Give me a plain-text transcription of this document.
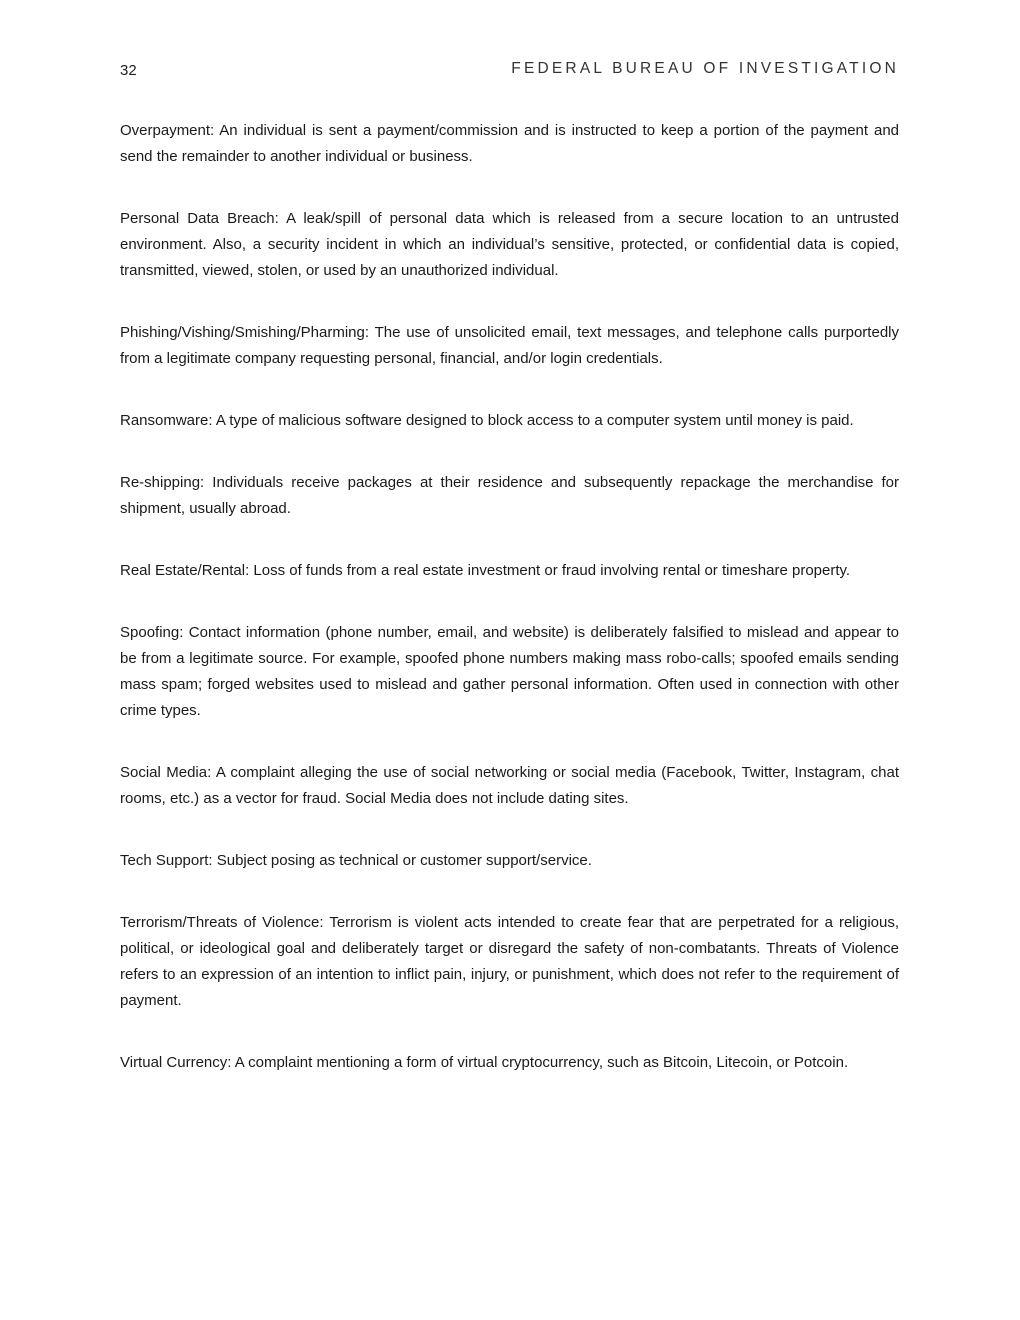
32	FEDERAL BUREAU OF INVESTIGATION

Overpayment: An individual is sent a payment/commission and is instructed to keep a portion of the payment and send the remainder to another individual or business.

Personal Data Breach: A leak/spill of personal data which is released from a secure location to an untrusted environment. Also, a security incident in which an individual’s sensitive, protected, or confidential data is copied, transmitted, viewed, stolen, or used by an unauthorized individual.

Phishing/Vishing/Smishing/Pharming: The use of unsolicited email, text messages, and telephone calls purportedly from a legitimate company requesting personal, financial, and/or login credentials.

Ransomware: A type of malicious software designed to block access to a computer system until money is paid.

Re-shipping: Individuals receive packages at their residence and subsequently repackage the merchandise for shipment, usually abroad.

Real Estate/Rental: Loss of funds from a real estate investment or fraud involving rental or timeshare property.

Spoofing: Contact information (phone number, email, and website) is deliberately falsified to mislead and appear to be from a legitimate source. For example, spoofed phone numbers making mass robo-calls; spoofed emails sending mass spam; forged websites used to mislead and gather personal information. Often used in connection with other crime types.

Social Media: A complaint alleging the use of social networking or social media (Facebook, Twitter, Instagram, chat rooms, etc.) as a vector for fraud. Social Media does not include dating sites.

Tech Support: Subject posing as technical or customer support/service.

Terrorism/Threats of Violence: Terrorism is violent acts intended to create fear that are perpetrated for a religious, political, or ideological goal and deliberately target or disregard the safety of non-combatants. Threats of Violence refers to an expression of an intention to inflict pain, injury, or punishment, which does not refer to the requirement of payment.

Virtual Currency: A complaint mentioning a form of virtual cryptocurrency, such as Bitcoin, Litecoin, or Potcoin.
